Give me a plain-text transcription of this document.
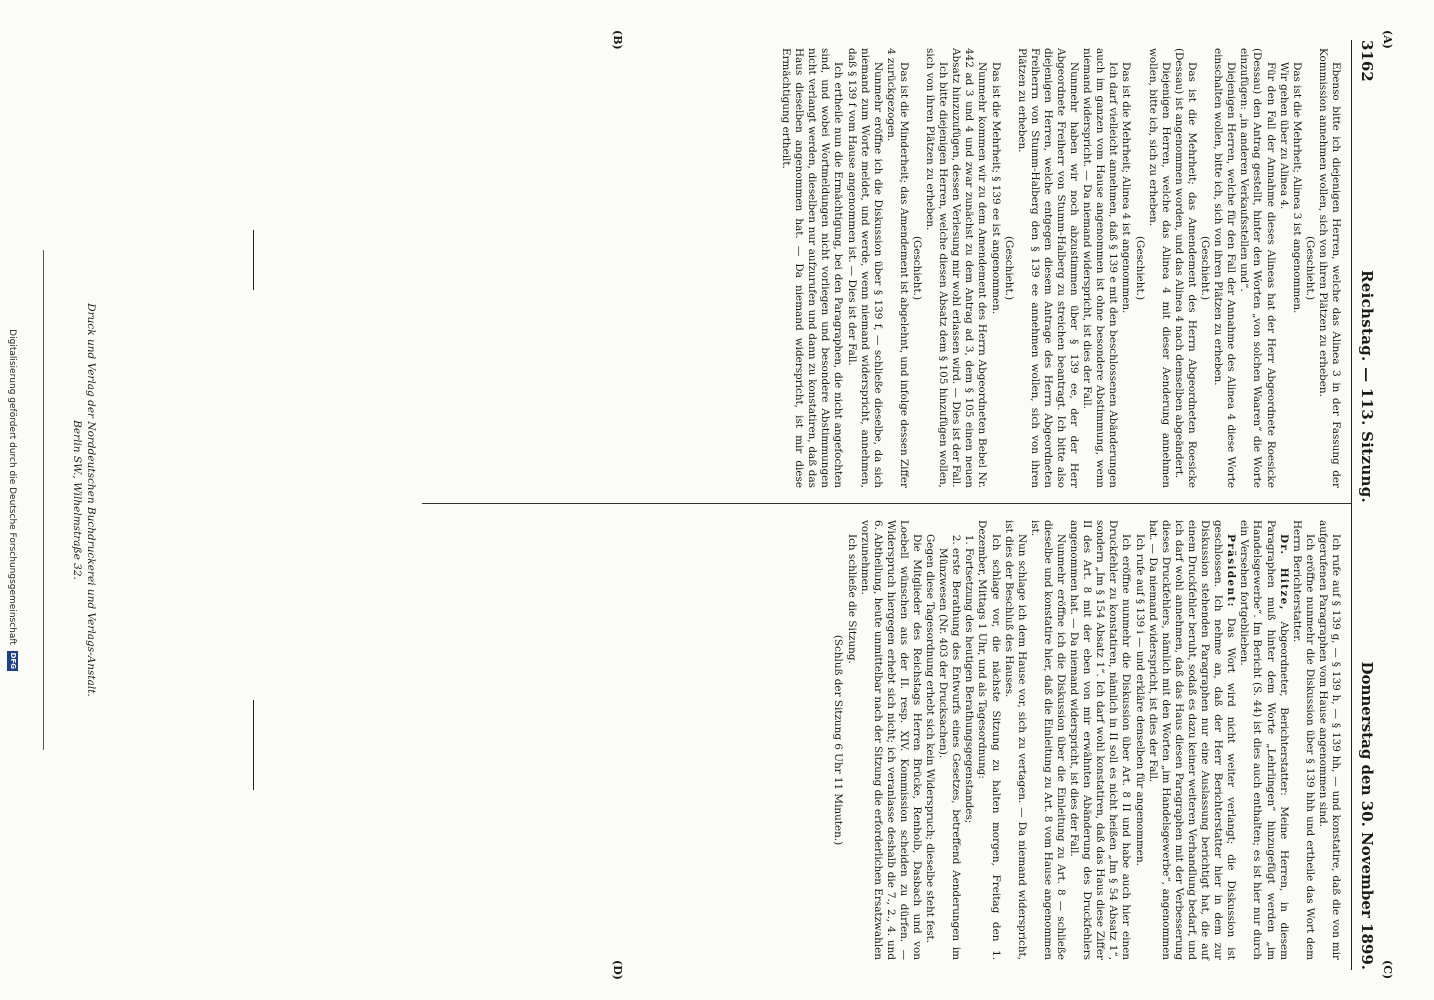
3162
Reichstag. — 113. Sitzung.
Donnerstag den 30. November 1899.
(A)
(B)
(C)
(D)

Ebenso bitte ich diejenigen Herren, welche das Alinea 3 in der Fassung der Kommission annehmen wollen, sich von ihren Plätzen zu erheben.

(Geschieht.)

Das ist die Mehrheit; Alinea 3 ist angenommen.

Wir gehen über zu Alinea 4.

Für den Fall der Annahme dieses Alineas hat der Herr Abgeordnete Roesicke (Dessau) den Antrag gestellt, hinter den Worten „von solchen Waaren“ die Worte einzufügen: „in anderen Verkaufsstellen und“.

Diejenigen Herren, welche für den Fall der Annahme des Alinea 4 diese Worte einschalten wollen, bitte ich, sich von ihren Plätzen zu erheben.

(Geschieht.)

Das ist die Mehrheit; das Amendement des Herrn Abgeordneten Roesicke (Dessau) ist angenommen worden, und das Alinea 4 nach demselben abgeändert.

Diejenigen Herren, welche das Alinea 4 mit dieser Aenderung annehmen wollen, bitte ich, sich zu erheben.

(Geschieht.)

Das ist die Mehrheit; Alinea 4 ist angenommen.

Ich darf vielleicht annehmen, daß § 139 e mit den beschlossenen Abänderungen auch im ganzen vom Hause angenommen ist ohne besondere Abstimmung, wenn niemand widerspricht. — Da niemand widerspricht, ist dies der Fall.

Nunmehr haben wir noch abzustimmen über § 139 ee, der der Herr Abgeordnete Freiherr von Stumm-Halberg zu streichen beantragt. Ich bitte also diejenigen Herren, welche entgegen diesem Antrage des Herrn Abgeordneten Freiherrn von Stumm-Halberg den § 139 ee annehmen wollen, sich von ihren Plätzen zu erheben.

(Geschieht.)

Das ist die Mehrheit; § 139 ee ist angenommen.

Nunmehr kommen wir zu dem Amendement des Herrn Abgeordneten Bebel Nr. 442 ad 3 und 4 und zwar zunächst zu dem Antrag ad 3, dem § 105 einen neuen Absatz hinzuzufügen, dessen Verlesung mir wohl erlassen wird. — Dies ist der Fall.

Ich bitte diejenigen Herren, welche diesen Absatz dem § 105 hinzufügen wollen, sich von ihren Plätzen zu erheben.

(Geschieht.)

Das ist die Minderheit; das Amendement ist abgelehnt, und infolge dessen Ziffer 4 zurückgezogen.

Nunmehr eröffne ich die Diskussion über § 139 f, — schließe dieselbe, da sich niemand zum Worte meldet, und werde, wenn niemand widerspricht, annehmen, daß § 139 f vom Hause angenommen ist. — Dies ist der Fall.

Ich ertheile nun die Ermächtigung, bei den Paragraphen, die nicht angefochten sind, und wobei Wortmeldungen nicht vorliegen und besondere Abstimmungen nicht verlangt werden, dieselben nur aufzurufen und dann zu konstatiren, daß das Haus dieselben angenommen hat. — Da niemand widerspricht, ist mir diese Ermächtigung ertheilt.

Ich rufe auf § 139 g, — § 139 h, — § 139 hh, — und konstatire, daß die von mir aufgerufenen Paragraphen vom Hause angenommen sind.

Ich eröffne nunmehr die Diskussion über § 139 hhh und ertheile das Wort dem Herrn Berichterstatter.

Dr. Hitze, Abgeordneter, Berichterstatter: Meine Herren, in diesem Paragraphen muß hinter dem Worte „Lehrlingen“ hinzugefügt werden „im Handelsgewerbe“. Im Bericht (S. 44) ist dies auch enthalten; es ist hier nur durch ein Versehen fortgeblieben.

Präsident: Das Wort wird nicht weiter verlangt; die Diskussion ist geschlossen. Ich nehme an, daß der Herr Berichterstatter hier in dem zur Diskussion stehenden Paragraphen nur eine Auslassung berichtigt hat, die auf einem Druckfehler beruht, sodaß es dazu keiner weiteren Verhandlung bedarf, und ich darf wohl annehmen, daß das Haus diesen Paragraphen mit der Verbesserung dieses Druckfehlers, nämlich mit den Worten „im Handelsgewerbe“, angenommen hat. — Da niemand widerspricht, ist dies der Fall.

Ich rufe auf § 139 i — und erkläre denselben für angenommen.

Ich eröffne nunmehr die Diskussion über Art. 8 II und habe auch hier einen Druckfehler zu konstatiren, nämlich in II soll es nicht heißen „Im § 54 Absatz 1“, sondern „Im § 154 Absatz 1“. Ich darf wohl konstatiren, daß das Haus diese Ziffer II des Art. 8 mit der eben von mir erwähnten Abänderung des Druckfehlers angenommen hat. — Da niemand widerspricht, ist dies der Fall.

Nunmehr eröffne ich die Diskussion über die Einleitung zu Art. 8 — schließe dieselbe und konstatire hier, daß die Einleitung zu Art. 8 vom Hause angenommen ist.

Nun schlage ich dem Hause vor, sich zu vertagen. — Da niemand widerspricht, ist dies der Beschluß des Hauses.

Ich schlage vor, die nächste Sitzung zu halten morgen, Freitag den 1. Dezember, Mittags 1 Uhr, und als Tagesordnung:

1. Fortsetzung des heutigen Berathungsgegenstandes;
2. erste Berathung des Entwurfs eines Gesetzes, betreffend Aenderungen im Münzwesen (Nr. 403 der Drucksachen).

Gegen diese Tagesordnung erhebt sich kein Widerspruch; dieselbe steht fest.

Die Mitglieder des Reichstags Herren Brücke, Renholb, Dasbach und von Loebell wünschen aus der II. resp. XIV. Kommission scheiden zu dürfen. — Widerspruch hiergegen erhebt sich nicht; ich veranlasse deshalb die 7., 2., 4. und 6. Abtheilung, heute unmittelbar nach der Sitzung die erforderlichen Ersatzwahlen vorzunehmen.

Ich schließe die Sitzung.

(Schluß der Sitzung 6 Uhr 11 Minuten.)

Druck und Verlag der Norddeutschen Buchdruckerei und Verlags-Anstalt.
Berlin SW., Wilhelmstraße 32.
Digitalisierung gefördert durch die Deutsche Forschungsgemeinschaft DFG
